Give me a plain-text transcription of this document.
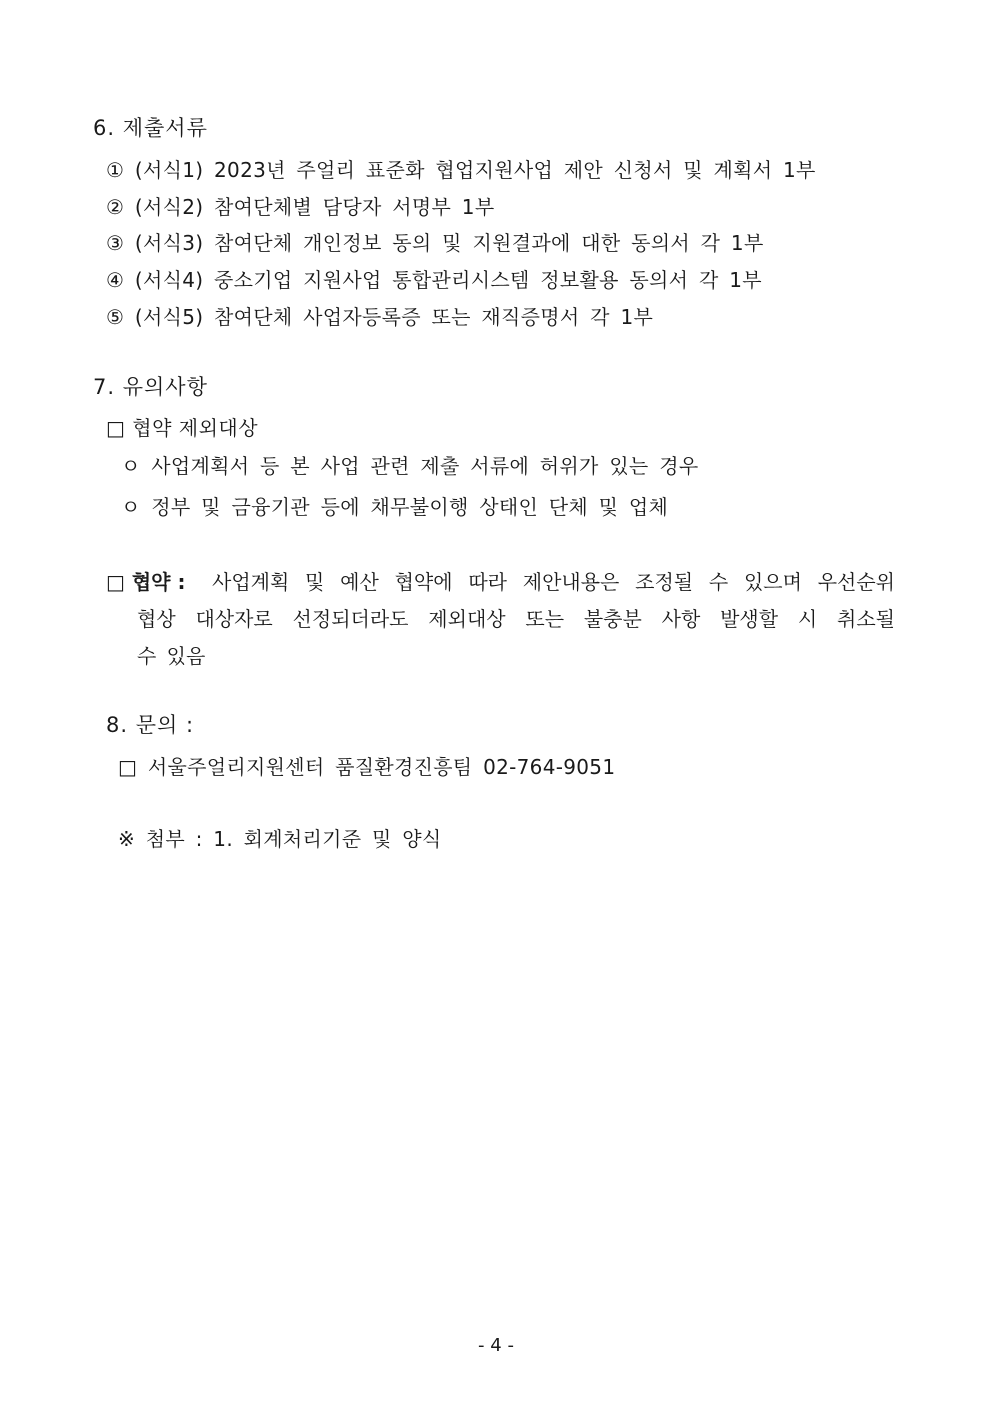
6. 제출서류

① (서식1) 2023년 주얼리 표준화 협업지원사업 제안 신청서 및 계획서 1부

② (서식2) 참여단체별 담당자 서명부 1부

③ (서식3) 참여단체 개인정보 동의 및 지원결과에 대한 동의서 각 1부

④ (서식4) 중소기업 지원사업 통합관리시스템 정보활용 동의서 각 1부

⑤ (서식5) 참여단체 사업자등록증 또는 재직증명서 각 1부

7. 유의사항

□ 협약 제외대상

ㅇ 사업계획서 등 본 사업 관련 제출 서류에 허위가 있는 경우

ㅇ 정부 및 금융기관 등에 채무불이행 상태인 단체 및 업체

□ 협약 : 사업계획 및 예산 협약에 따라 제안내용은 조정될 수 있으며 우선순위
협상 대상자로 선정되더라도 제외대상 또는 불충분 사항 발생할 시 취소될
수 있음
8. 문의 :

□ 서울주얼리지원센터 품질환경진흥팀 02-764-9051

※ 첨부 : 1. 회계처리기준 및 양식

- 4 -
